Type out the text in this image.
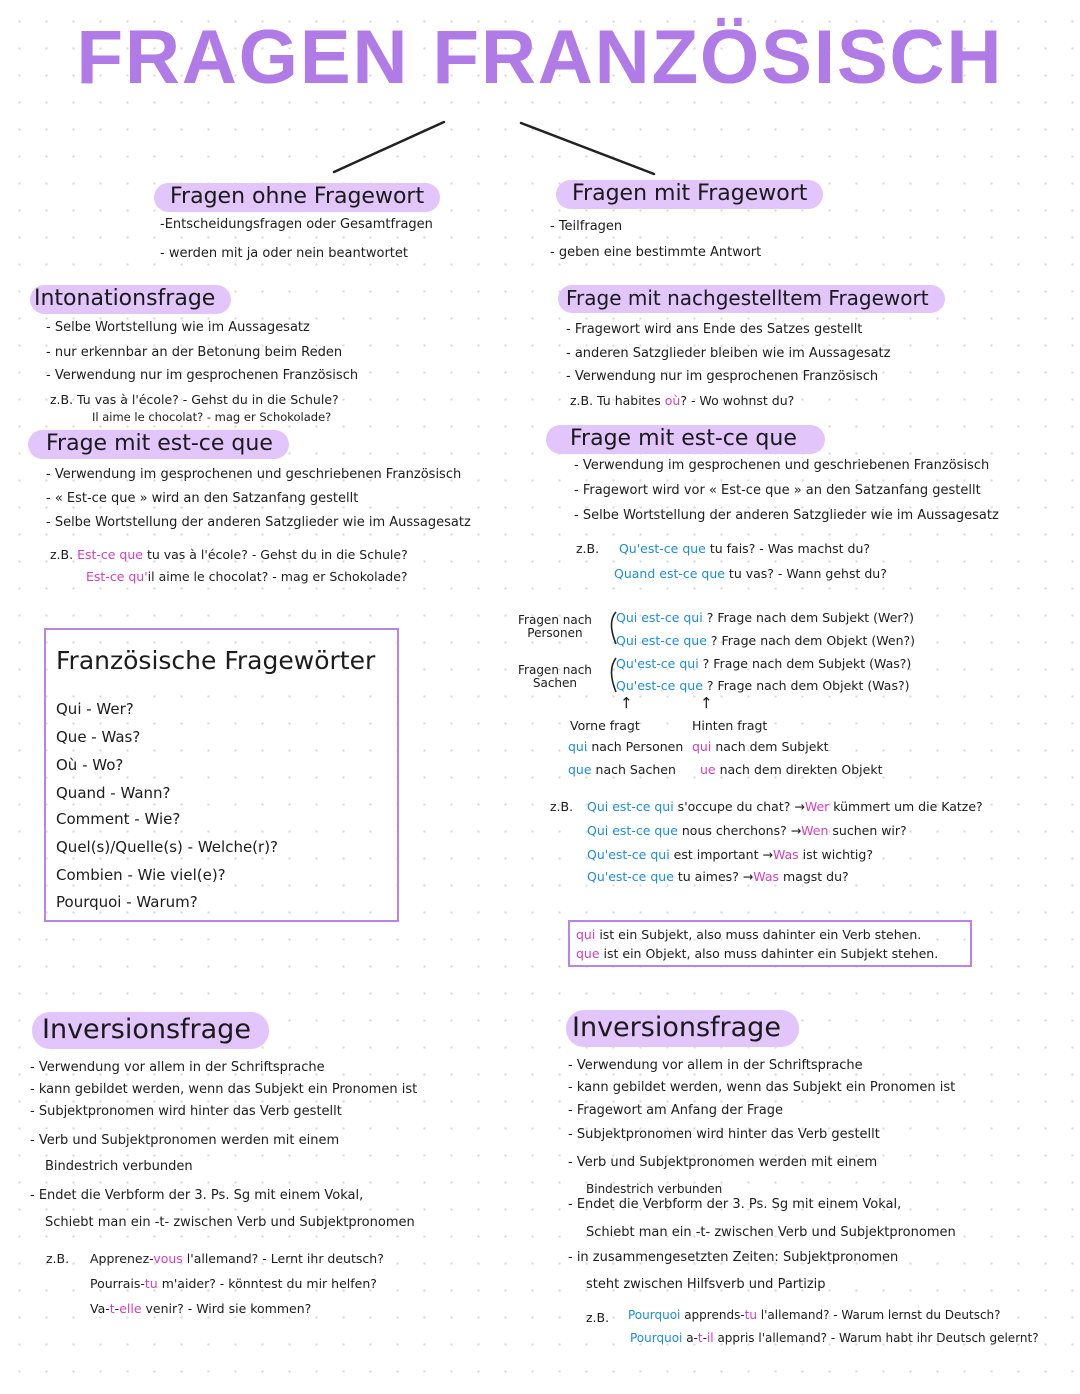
FRAGEN FRANZÖSISCH
Fragen ohne Fragewort
-Entscheidungsfragen oder Gesamtfragen
- werden mit ja oder nein beantwortet
Fragen mit Fragewort
- Teilfragen
- geben eine bestimmte Antwort
Intonationsfrage
- Selbe Wortstellung wie im Aussagesatz
- nur erkennbar an der Betonung beim Reden
- Verwendung nur im gesprochenen Französisch
z.B. Tu vas à l'école? - Gehst du in die Schule?
Il aime le chocolat? - mag er Schokolade?
Frage mit nachgestelltem Fragewort
- Fragewort wird ans Ende des Satzes gestellt
- anderen Satzglieder bleiben wie im Aussagesatz
- Verwendung nur im gesprochenen Französisch
z.B. Tu habites où? - Wo wohnst du?
Frage mit est-ce que
- Verwendung im gesprochenen und geschriebenen Französisch
- « Est-ce que » wird an den Satzanfang gestellt
- Selbe Wortstellung der anderen Satzglieder wie im Aussagesatz
z.B. Est-ce que tu vas à l'école? - Gehst du in die Schule?
Est-ce qu'il aime le chocolat? - mag er Schokolade?
Frage mit est-ce que
- Verwendung im gesprochenen und geschriebenen Französisch
- Fragewort wird vor « Est-ce que » an den Satzanfang gestellt
- Selbe Wortstellung der anderen Satzglieder wie im Aussagesatz
z.B. Qu'est-ce que tu fais? - Was machst du?
Quand est-ce que tu vas? - Wann gehst du?
Französische Fragewörter
Qui - Wer?
Que - Was?
Où - Wo?
Quand - Wann?
Comment - Wie?
Quel(s)/Quelle(s) - Welche(r)?
Combien - Wie viel(e)?
Pourquoi - Warum?
Fragen nach
Personen
Fragen nach
Sachen
Qui est-ce qui ? Frage nach dem Subjekt (Wer?)
Qui est-ce que ? Frage nach dem Objekt (Wen?)
Qu'est-ce qui ? Frage nach dem Subjekt (Was?)
Qu'est-ce que ? Frage nach dem Objekt (Was?)
↑	↑
Vorne fragt	Hinten fragt
qui nach Personen
que nach Sachen
qui nach dem Subjekt
ue nach dem direkten Objekt
z.B. Qui est-ce qui s'occupe du chat? →Wer kümmert um die Katze?
Qui est-ce que nous cherchons? →Wen suchen wir?
Qu'est-ce qui est important →Was ist wichtig?
Qu'est-ce que tu aimes? →Was magst du?
qui ist ein Subjekt, also muss dahinter ein Verb stehen.
que ist ein Objekt, also muss dahinter ein Subjekt stehen.
Inversionsfrage
- Verwendung vor allem in der Schriftsprache
- kann gebildet werden, wenn das Subjekt ein Pronomen ist
- Subjektpronomen wird hinter das Verb gestellt
- Verb und Subjektpronomen werden mit einem
Bindestrich verbunden
- Endet die Verbform der 3. Ps. Sg mit einem Vokal,
Schiebt man ein -t- zwischen Verb und Subjektpronomen
z.B. Apprenez-vous l'allemand? - Lernt ihr deutsch?
Pourrais-tu m'aider? - könntest du mir helfen?
Va-t-elle venir? - Wird sie kommen?
Inversionsfrage
- Verwendung vor allem in der Schriftsprache
- kann gebildet werden, wenn das Subjekt ein Pronomen ist
- Fragewort am Anfang der Frage
- Subjektpronomen wird hinter das Verb gestellt
- Verb und Subjektpronomen werden mit einem
Bindestrich verbunden
- Endet die Verbform der 3. Ps. Sg mit einem Vokal,
Schiebt man ein -t- zwischen Verb und Subjektpronomen
- in zusammengesetzten Zeiten: Subjektpronomen
steht zwischen Hilfsverb und Partizip
z.B. Pourquoi apprends-tu l'allemand? - Warum lernst du Deutsch?
Pourquoi a-t-il appris l'allemand? - Warum habt ihr Deutsch gelernt?
